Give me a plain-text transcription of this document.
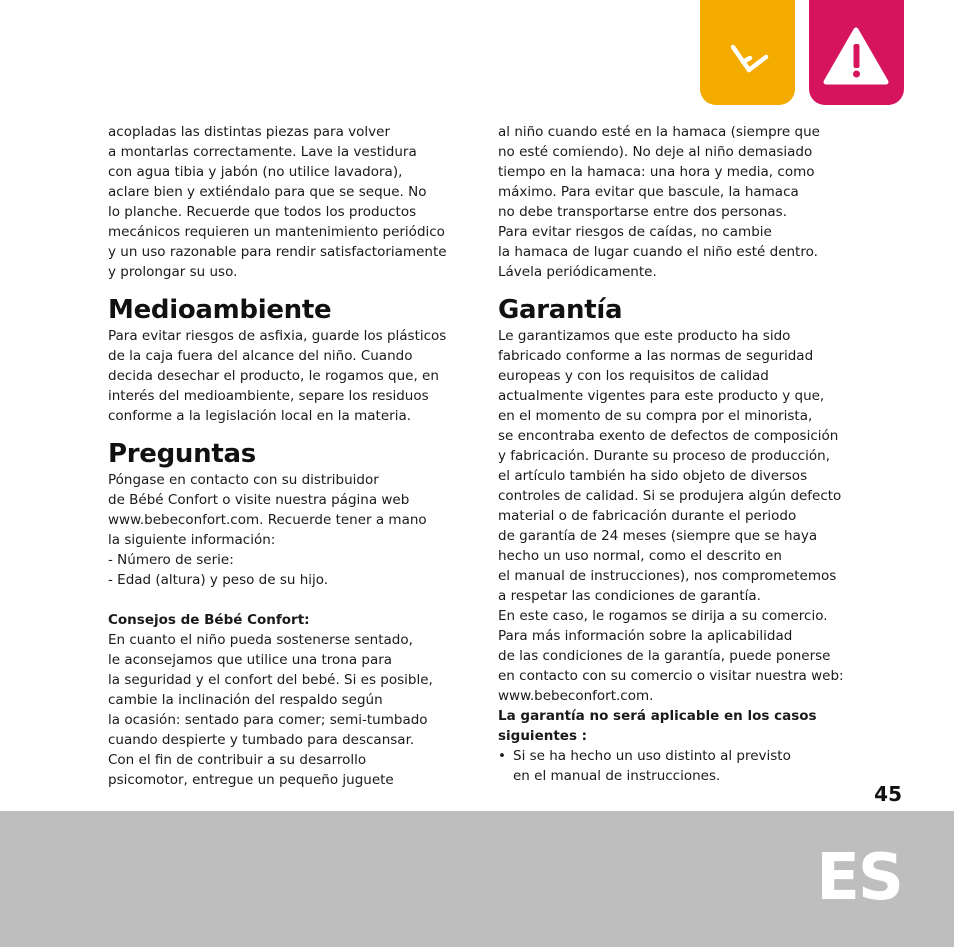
acopladas las distintas piezas para volver
a montarlas correctamente. Lave la vestidura
con agua tibia y jabón (no utilice lavadora),
aclare bien y extiéndalo para que se seque. No
lo planche. Recuerde que todos los productos
mecánicos requieren un mantenimiento periódico
y un uso razonable para rendir satisfactoriamente
y prolongar su uso.

Medioambiente

Para evitar riesgos de asfixia, guarde los plásticos
de la caja fuera del alcance del niño. Cuando
decida desechar el producto, le rogamos que, en
interés del medioambiente, separe los residuos
conforme a la legislación local en la materia.

Preguntas

Póngase en contacto con su distribuidor
de Bébé Confort o visite nuestra página web
www.bebeconfort.com. Recuerde tener a mano
la siguiente información:
- Número de serie:
- Edad (altura) y peso de su hijo.

Consejos de Bébé Confort:

En cuanto el niño pueda sostenerse sentado,
le aconsejamos que utilice una trona para
la seguridad y el confort del bebé. Si es posible,
cambie la inclinación del respaldo según
la ocasión: sentado para comer; semi-tumbado
cuando despierte y tumbado para descansar.
Con el fin de contribuir a su desarrollo
psicomotor, entregue un pequeño juguete

al niño cuando esté en la hamaca (siempre que
no esté comiendo). No deje al niño demasiado
tiempo en la hamaca: una hora y media, como
máximo. Para evitar que bascule, la hamaca
no debe transportarse entre dos personas.
Para evitar riesgos de caídas, no cambie
la hamaca de lugar cuando el niño esté dentro.
Lávela periódicamente.

Garantía

Le garantizamos que este producto ha sido
fabricado conforme a las normas de seguridad
europeas y con los requisitos de calidad
actualmente vigentes para este producto y que,
en el momento de su compra por el minorista,
se encontraba exento de defectos de composición
y fabricación. Durante su proceso de producción,
el artículo también ha sido objeto de diversos
controles de calidad. Si se produjera algún defecto
material o de fabricación durante el periodo
de garantía de 24 meses (siempre que se haya
hecho un uso normal, como el descrito en
el manual de instrucciones), nos comprometemos
a respetar las condiciones de garantía.
En este caso, le rogamos se dirija a su comercio.
Para más información sobre la aplicabilidad
de las condiciones de la garantía, puede ponerse
en contacto con su comercio o visitar nuestra web:
www.bebeconfort.com.

La garantía no será aplicable en los casos
siguientes :

• Si se ha hecho un uso distinto al previsto
en el manual de instrucciones.
45
ES
